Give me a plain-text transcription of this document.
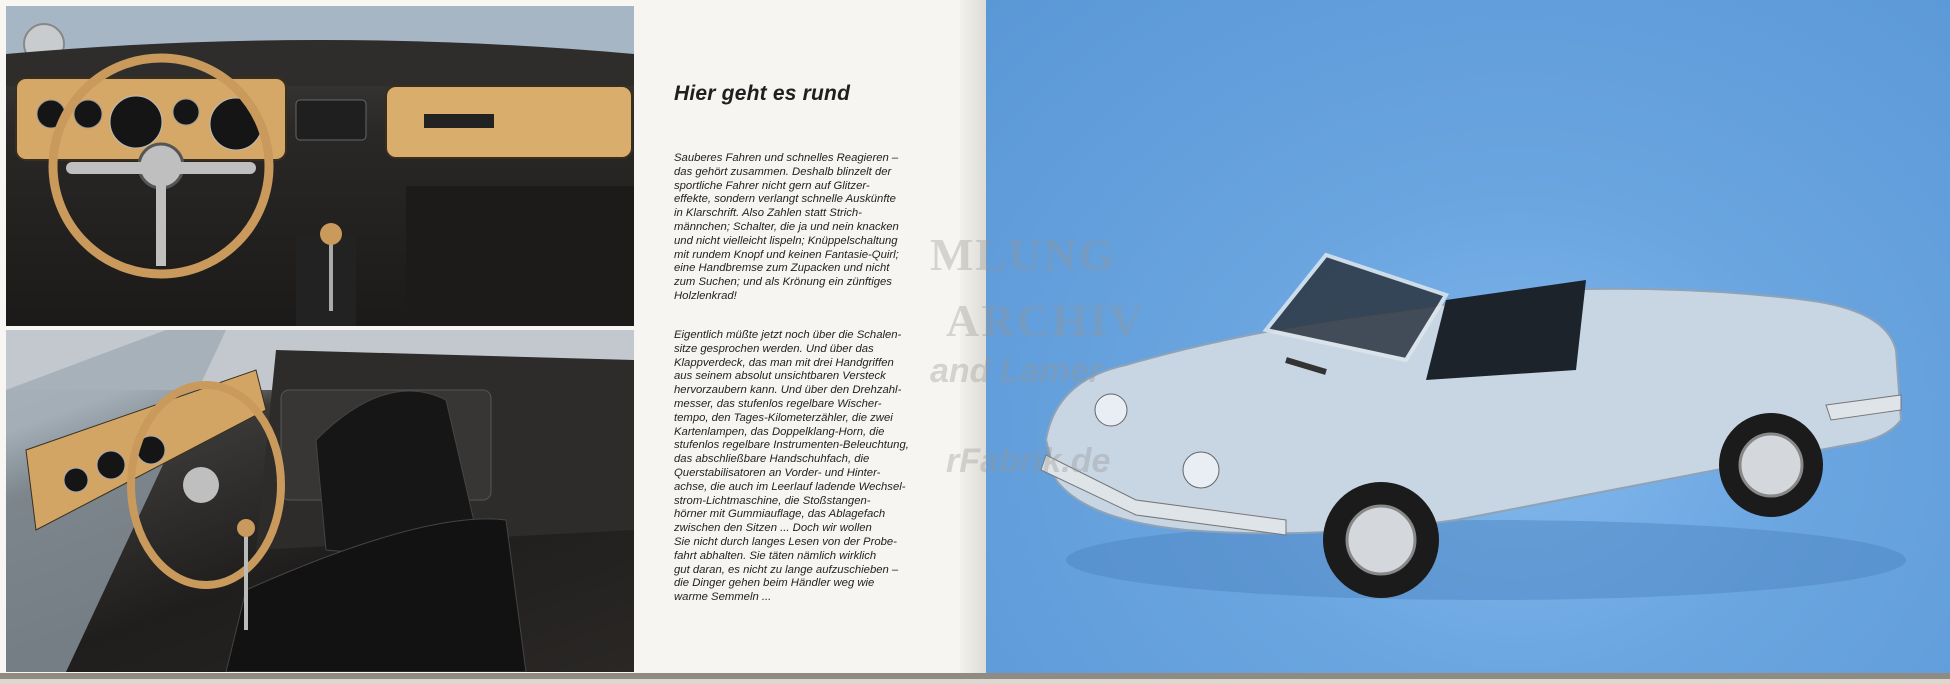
Hier geht es rund
Sauberes Fahren und schnelles Reagieren –
das gehört zusammen. Deshalb blinzelt der
sportliche Fahrer nicht gern auf Glitzer-
effekte, sondern verlangt schnelle Auskünfte
in Klarschrift. Also Zahlen statt Strich-
männchen; Schalter, die ja und nein knacken
und nicht vielleicht lispeln; Knüppelschaltung
mit rundem Knopf und keinen Fantasie-Quirl;
eine Handbremse zum Zupacken und nicht
zum Suchen; und als Krönung ein zünftiges
Holzlenkrad!
Eigentlich müßte jetzt noch über die Schalen-
sitze gesprochen werden. Und über das
Klappverdeck, das man mit drei Handgriffen
aus seinem absolut unsichtbaren Versteck
hervorzaubern kann. Und über den Drehzahl-
messer, das stufenlos regelbare Wischer-
tempo, den Tages-Kilometerzähler, die zwei
Kartenlampen, das Doppelklang-Horn, die
stufenlos regelbare Instrumenten-Beleuchtung,
das abschließbare Handschuhfach, die
Querstabilisatoren an Vorder- und Hinter-
achse, die auch im Leerlauf ladende Wechsel-
strom-Lichtmaschine, die Stoßstangen-
hörner mit Gummiauflage, das Ablagefach
zwischen den Sitzen ... Doch wir wollen
Sie nicht durch langes Lesen von der Probe-
fahrt abhalten. Sie täten nämlich wirklich
gut daran, es nicht zu lange aufzuschieben –
die Dinger gehen beim Händler weg wie
warme Semmeln ...
MLUNG
ARCHIV
and Lamer
rFabrik.de
